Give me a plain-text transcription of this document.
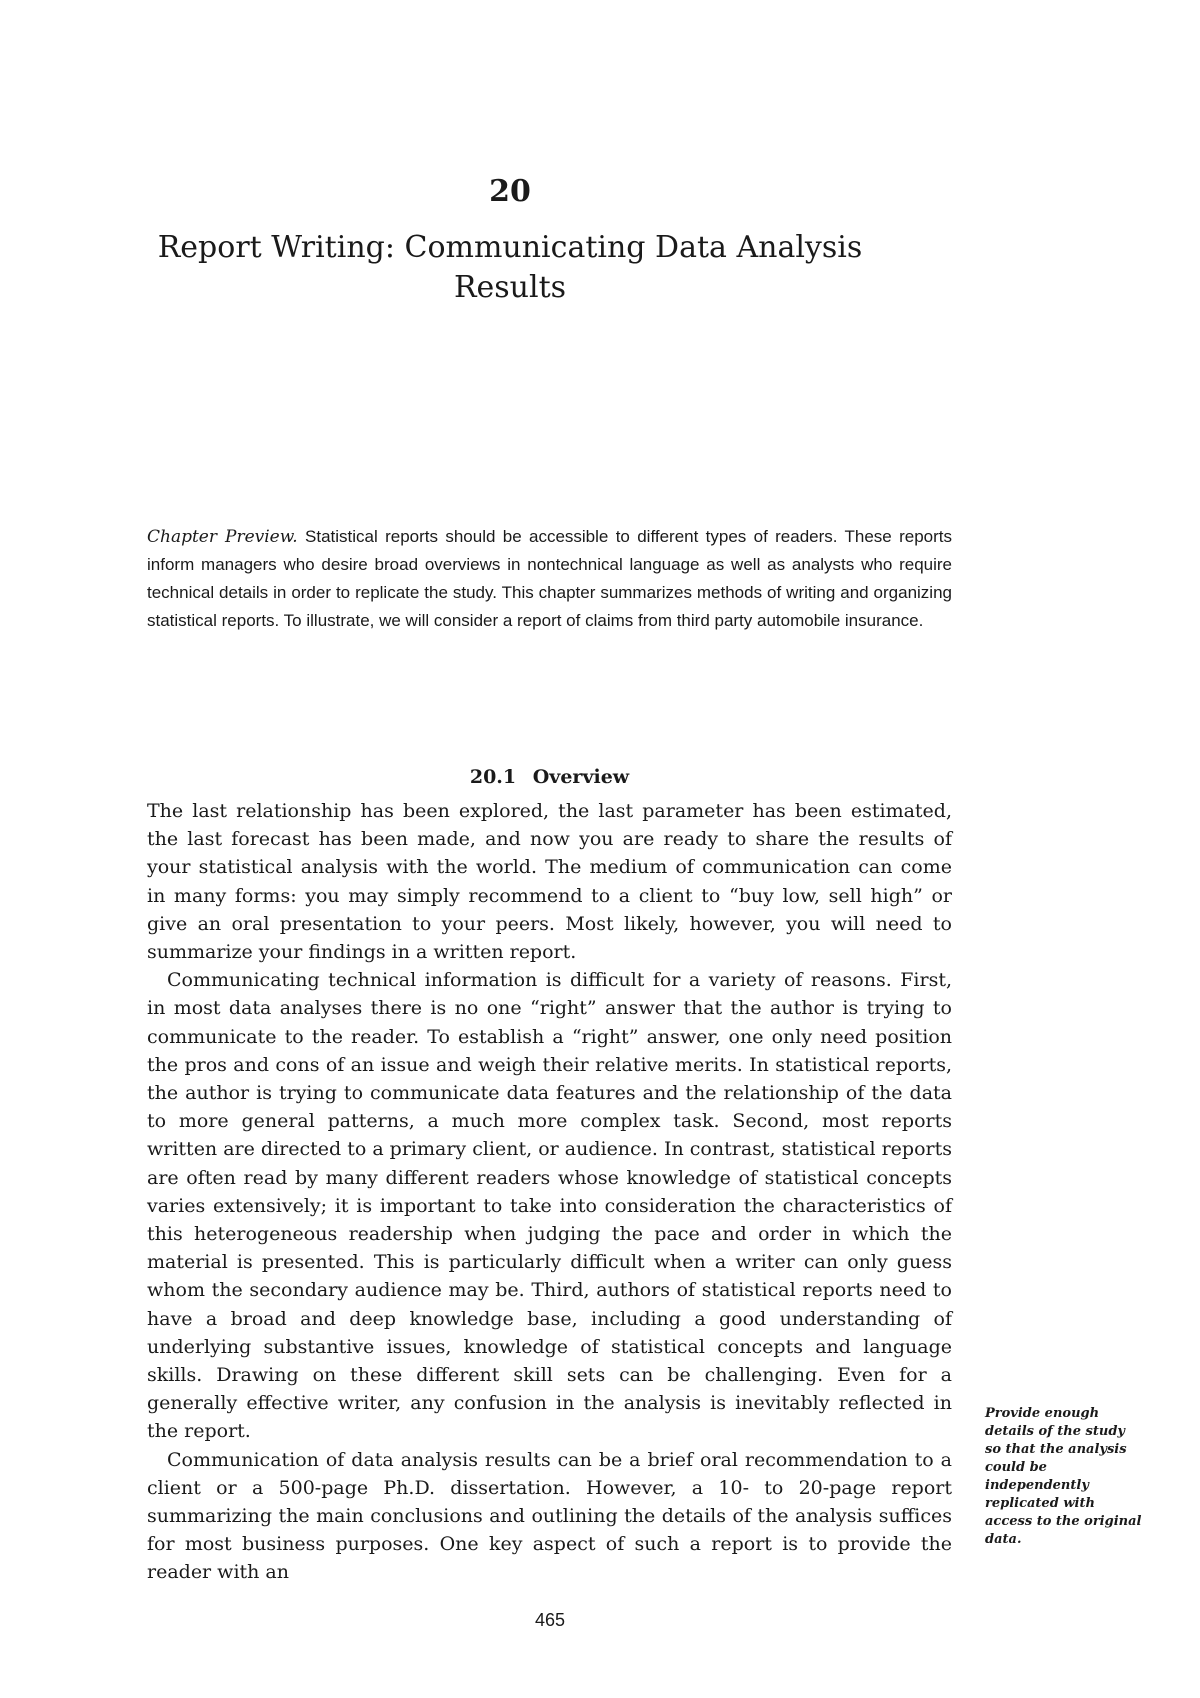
20
Report Writing: Communicating Data Analysis Results

Chapter Preview. Statistical reports should be accessible to different types of readers. These reports inform managers who desire broad overviews in nontechnical language as well as analysts who require technical details in order to replicate the study. This chapter summarizes methods of writing and organizing statistical reports. To illustrate, we will consider a report of claims from third party automobile insurance.

20.1 Overview

The last relationship has been explored, the last parameter has been estimated, the last forecast has been made, and now you are ready to share the results of your statistical analysis with the world. The medium of communication can come in many forms: you may simply recommend to a client to “buy low, sell high” or give an oral presentation to your peers. Most likely, however, you will need to summarize your findings in a written report.

Communicating technical information is difficult for a variety of reasons. First, in most data analyses there is no one “right” answer that the author is trying to communicate to the reader. To establish a “right” answer, one only need position the pros and cons of an issue and weigh their relative merits. In statistical reports, the author is trying to communicate data features and the relationship of the data to more general patterns, a much more complex task. Second, most reports written are directed to a primary client, or audience. In contrast, statistical reports are often read by many different readers whose knowledge of statistical concepts varies extensively; it is important to take into consideration the characteristics of this heterogeneous readership when judging the pace and order in which the material is presented. This is particularly difficult when a writer can only guess whom the secondary audience may be. Third, authors of statistical reports need to have a broad and deep knowledge base, including a good understanding of underlying substantive issues, knowledge of statistical concepts and language skills. Drawing on these different skill sets can be challenging. Even for a generally effective writer, any confusion in the analysis is inevitably reflected in the report.

Communication of data analysis results can be a brief oral recommendation to a client or a 500-page Ph.D. dissertation. However, a 10- to 20-page report summarizing the main conclusions and outlining the details of the analysis suffices for most business purposes. One key aspect of such a report is to provide the reader with an

Provide enough details of the study so that the analysis could be independently replicated with access to the original data.
465
